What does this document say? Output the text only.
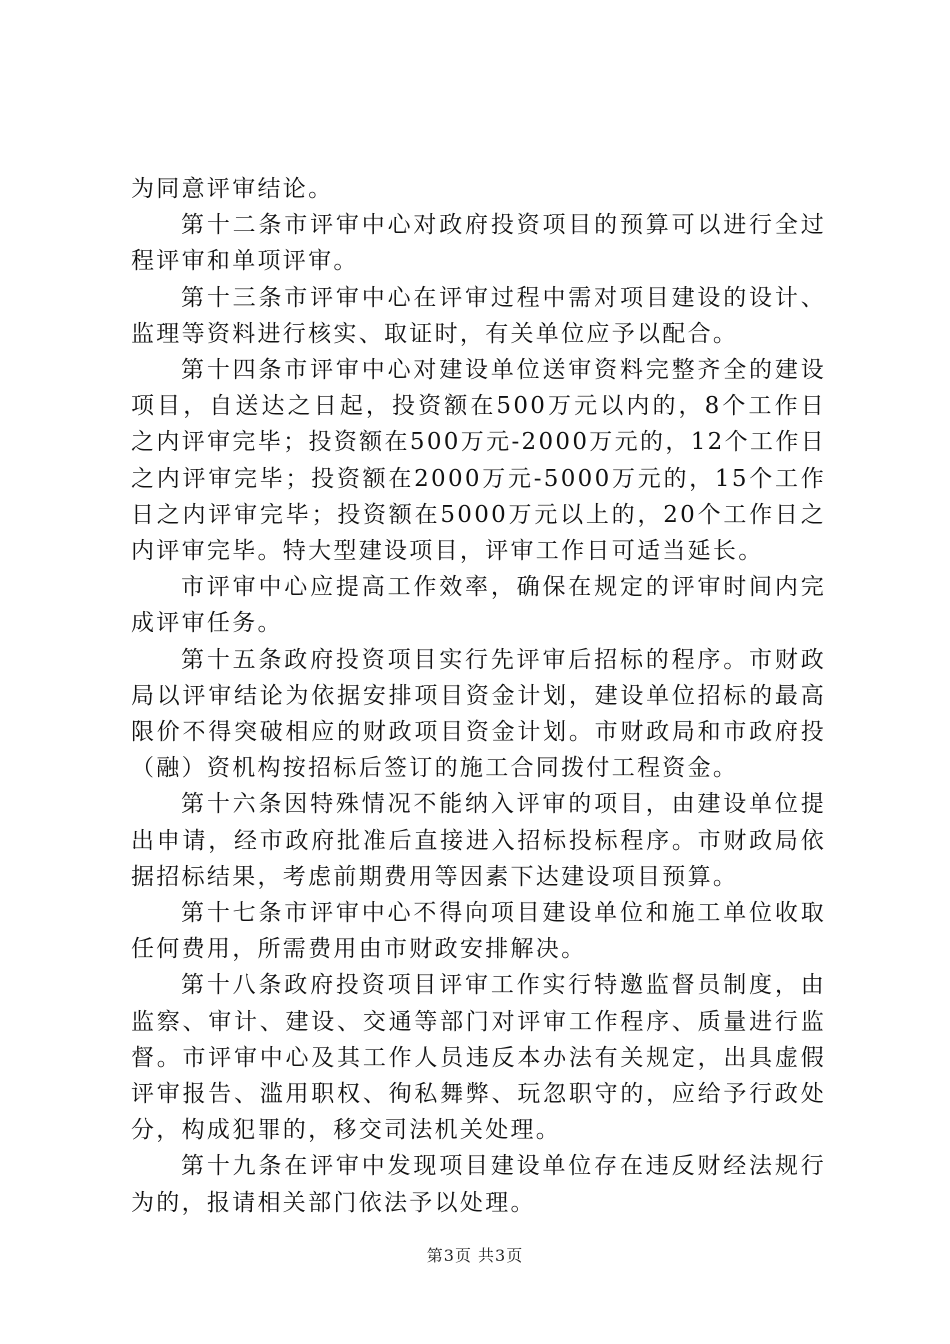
为同意评审结论。

第十二条市评审中心对政府投资项目的预算可以进行全过程评审和单项评审。

第十三条市评审中心在评审过程中需对项目建设的设计、监理等资料进行核实、取证时，有关单位应予以配合。

第十四条市评审中心对建设单位送审资料完整齐全的建设项目，自送达之日起，投资额在500万元以内的，8个工作日之内评审完毕；投资额在500万元-2000万元的，12个工作日之内评审完毕；投资额在2000万元-5000万元的，15个工作日之内评审完毕；投资额在5000万元以上的，20个工作日之内评审完毕。特大型建设项目，评审工作日可适当延长。

市评审中心应提高工作效率，确保在规定的评审时间内完成评审任务。

第十五条政府投资项目实行先评审后招标的程序。市财政局以评审结论为依据安排项目资金计划，建设单位招标的最高限价不得突破相应的财政项目资金计划。市财政局和市政府投（融）资机构按招标后签订的施工合同拨付工程资金。

第十六条因特殊情况不能纳入评审的项目，由建设单位提出申请，经市政府批准后直接进入招标投标程序。市财政局依据招标结果，考虑前期费用等因素下达建设项目预算。

第十七条市评审中心不得向项目建设单位和施工单位收取任何费用，所需费用由市财政安排解决。

第十八条政府投资项目评审工作实行特邀监督员制度，由监察、审计、建设、交通等部门对评审工作程序、质量进行监督。市评审中心及其工作人员违反本办法有关规定，出具虚假评审报告、滥用职权、徇私舞弊、玩忽职守的，应给予行政处分，构成犯罪的，移交司法机关处理。

第十九条在评审中发现项目建设单位存在违反财经法规行为的，报请相关部门依法予以处理。

第3页 共3页
